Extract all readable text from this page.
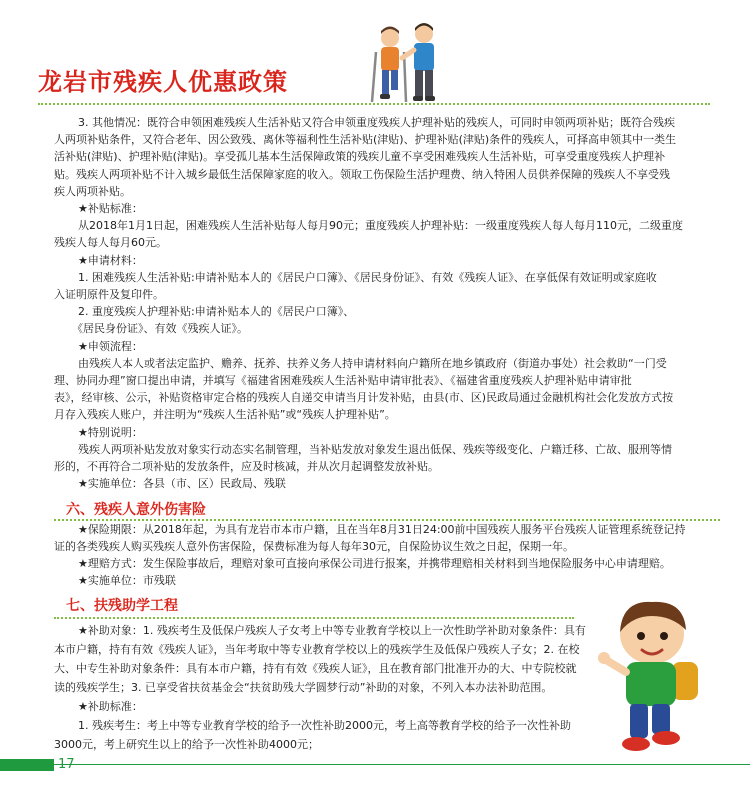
龙岩市残疾人优惠政策

3. 其他情况：既符合申领困难残疾人生活补贴又符合申领重度残疾人护理补贴的残疾人，可同时申领两项补贴；既符合残疾

人两项补贴条件，又符合老年、因公致残、离休等福利性生活补贴(津贴)、护理补贴(津贴)条件的残疾人，可择高申领其中一类生

活补贴(津贴)、护理补贴(津贴)。享受孤儿基本生活保障政策的残疾儿童不享受困难残疾人生活补贴，可享受重度残疾人护理补

贴。残疾人两项补贴不计入城乡最低生活保障家庭的收入。领取工伤保险生活护理费、纳入特困人员供养保障的残疾人不享受残

疾人两项补贴。

★补贴标准：

从2018年1月1日起，困难残疾人生活补贴每人每月90元；重度残疾人护理补贴：一级重度残疾人每人每月110元，二级重度

残疾人每人每月60元。

★申请材料：

1. 困难残疾人生活补贴:申请补贴本人的《居民户口簿》、《居民身份证》、有效《残疾人证》、在享低保有效证明或家庭收

入证明原件及复印件。

2. 重度残疾人护理补贴:申请补贴本人的《居民户口簿》、

《居民身份证》、有效《残疾人证》。

★申领流程：

由残疾人本人或者法定监护、赡养、抚养、扶养义务人持申请材料向户籍所在地乡镇政府（街道办事处）社会救助“一门受

理、协同办理”窗口提出申请，并填写《福建省困难残疾人生活补贴申请审批表》、《福建省重度残疾人护理补贴申请审批

表》，经审核、公示，补贴资格审定合格的残疾人自递交申请当月计发补贴，由县(市、区)民政局通过金融机构社会化发放方式按

月存入残疾人账户，并注明为“残疾人生活补贴”或“残疾人护理补贴”。

★特别说明：

残疾人两项补贴发放对象实行动态实名制管理，当补贴发放对象发生退出低保、残疾等级变化、户籍迁移、亡故、服刑等情

形的，不再符合二项补贴的发放条件，应及时核减，并从次月起调整发放补贴。

★实施单位：各县（市、区）民政局、残联

六、残疾人意外伤害险

★保险期限：从2018年起，为具有龙岩市本市户籍，且在当年8月31日24:00前中国残疾人服务平台残疾人证管理系统登记持

证的各类残疾人购买残疾人意外伤害保险，保费标准为每人每年30元，自保险协议生效之日起，保期一年。

★理赔方式：发生保险事故后，理赔对象可直接向承保公司进行报案，并携带理赔相关材料到当地保险服务中心申请理赔。

★实施单位：市残联

七、扶残助学工程
17

★补助对象：1. 残疾考生及低保户残疾人子女考上中等专业教育学校以上一次性助学补助对象条件：具有

本市户籍，持有有效《残疾人证》，当年考取中等专业教育学校以上的残疾学生及低保户残疾人子女；2. 在校

大、中专生补助对象条件：具有本市户籍，持有有效《残疾人证》，且在教育部门批准开办的大、中专院校就

读的残疾学生；3. 已享受省扶贫基金会“扶贫助残大学圆梦行动”补助的对象，不列入本办法补助范围。

★补助标准：

1. 残疾考生：考上中等专业教育学校的给予一次性补助2000元，考上高等教育学校的给予一次性补助

3000元，考上研究生以上的给予一次性补助4000元；
